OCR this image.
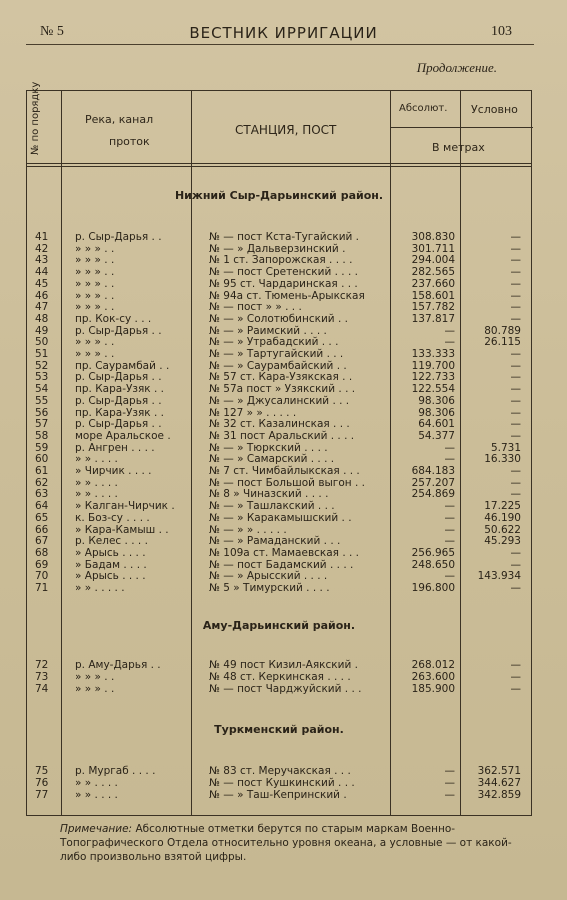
№ 5	ВЕСТНИК ИРРИГАЦИИ	103
Продолжение.
№ по порядку	Река, канал
проток
СТАНЦИЯ, ПОСТ
Абсолют. Условно
В метрах
Нижний Сыр-Дарьинский район.
41	р. Сыр-Дарья . .	№ — пост Кста-Тугайский .	308.830	—
42	» » » . .	№ — » Дальверзинский .	301.711	—
43	» » » . .	№ 1 ст. Запорожская . . . .	294.004	—
44	» » » . .	№ — пост Сретенский . . . .	282.565	—
45	» » » . .	№ 95 ст. Чардаринская . . .	237.660	—
46	» » » . .	№ 94а ст. Тюмень-Арыкская	158.601	—
47	» » » . .	№ — пост » » . . .	157.782	—
48	пр. Кок-су . . .	№ — » Солотюбинский . .	137.817	—
49	р. Сыр-Дарья . .	№ — » Раимский . . . .	—	80.789
50	» » » . .	№ — » Утрабадский . . .	—	26.115
51	» » » . .	№ — » Тартугайский . . .	133.333	—
52	пр. Саурамбай . .	№ — » Саурамбайский . .	119.700	—
53	р. Сыр-Дарья . .	№ 57 ст. Кара-Узякская . .	122.733	—
54	пр. Кара-Узяк . .	№ 57а пост » Узякский . . .	122.554	—
55	р. Сыр-Дарья . .	№ — » Джусалинский . . .	98.306	—
56	пр. Кара-Узяк . .	№ 127 » » . . . . .	98.306	—
57	р. Сыр-Дарья . .	№ 32 ст. Казалинская . . .	64.601	—
58	море Аральское .	№ 31 пост Аральский . . . .	54.377	—
59	р. Ангрен . . . .	№ — » Тюркский . . . .	—	5.731
60	» » . . . .	№ — » Самарский . . . .	—	16.330
61	» Чирчик . . . .	№ 7 ст. Чимбайлыкская . . .	684.183	—
62	» » . . . .	№ — пост Большой выгон . .	257.207	—
63	» » . . . .	№ 8 » Чиназский . . . .	254.869	—
64	» Калган-Чирчик .	№ — » Ташлакский . . .	—	17.225
65	к. Боз-су . . . .	№ — » Каракамышский . .	—	46.190
66	» Кара-Камыш . .	№ — » » . . . . .	—	50.622
67	р. Келес . . . .	№ — » Рамаданский . . .	—	45.293
68	» Арысь . . . .	№ 109а ст. Мамаевская . . .	256.965	—
69	» Бадам . . . .	№ — пост Бадамский . . . .	248.650	—
70	» Арысь . . . .	№ — » Арысский . . . .	—	143.934
71	» » . . . . .	№ 5 » Тимурский . . . .	196.800	—
Аму-Дарьинский район.
72	р. Аму-Дарья . .	№ 49 пост Кизил-Аякский .	268.012	—
73	» » » . .	№ 48 ст. Керкинская . . . .	263.600	—
74	» » » . .	№ — пост Чарджуйский . . .	185.900	—
Туркменский район.
75	р. Мургаб . . . .	№ 83 ст. Меручакская . . .	—	362.571
76	» » . . . .	№ — пост Кушкинский . . .	—	344.627
77	» » . . . .	№ — » Таш-Кепринский .	—	342.859
Примечание: Абсолютные отметки берутся по старым маркам Военно-Топографического Отдела относительно уровня океана, а условные — от какой-либо произвольно взятой цифры.
